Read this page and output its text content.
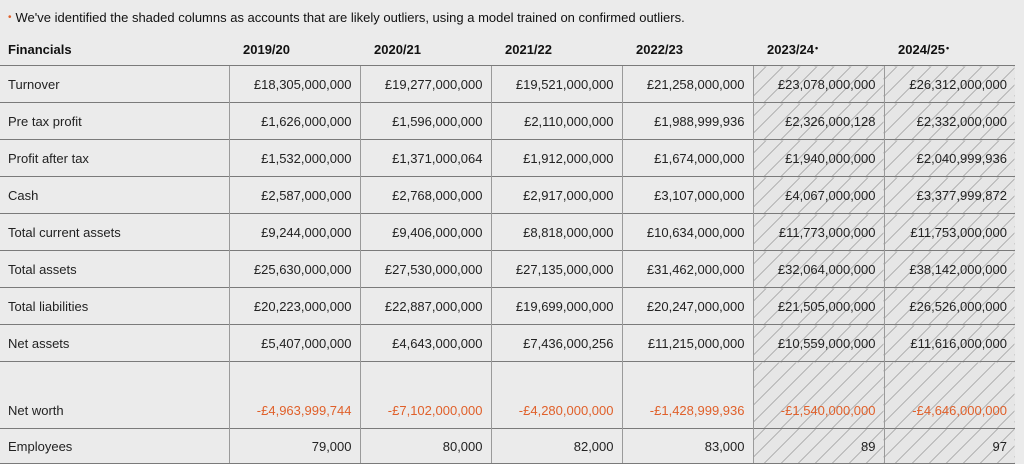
• We've identified the shaded columns as accounts that are likely outliers, using a model trained on confirmed outliers.
Financials	2019/20	2020/21	2021/22	2022/23	2023/24•	2024/25•
Turnover	£18,305,000,000	£19,277,000,000	£19,521,000,000	£21,258,000,000	£23,078,000,000	£26,312,000,000
Pre tax profit	£1,626,000,000	£1,596,000,000	£2,110,000,000	£1,988,999,936	£2,326,000,128	£2,332,000,000
Profit after tax	£1,532,000,000	£1,371,000,064	£1,912,000,000	£1,674,000,000	£1,940,000,000	£2,040,999,936
Cash	£2,587,000,000	£2,768,000,000	£2,917,000,000	£3,107,000,000	£4,067,000,000	£3,377,999,872
Total current assets	£9,244,000,000	£9,406,000,000	£8,818,000,000	£10,634,000,000	£11,773,000,000	£11,753,000,000
Total assets	£25,630,000,000	£27,530,000,000	£27,135,000,000	£31,462,000,000	£32,064,000,000	£38,142,000,000
Total liabilities	£20,223,000,000	£22,887,000,000	£19,699,000,000	£20,247,000,000	£21,505,000,000	£26,526,000,000
Net assets	£5,407,000,000	£4,643,000,000	£7,436,000,256	£11,215,000,000	£10,559,000,000	£11,616,000,000
Net worth	-£4,963,999,744	-£7,102,000,000	-£4,280,000,000	-£1,428,999,936	-£1,540,000,000	-£4,646,000,000
Employees	79,000	80,000	82,000	83,000	89	97
